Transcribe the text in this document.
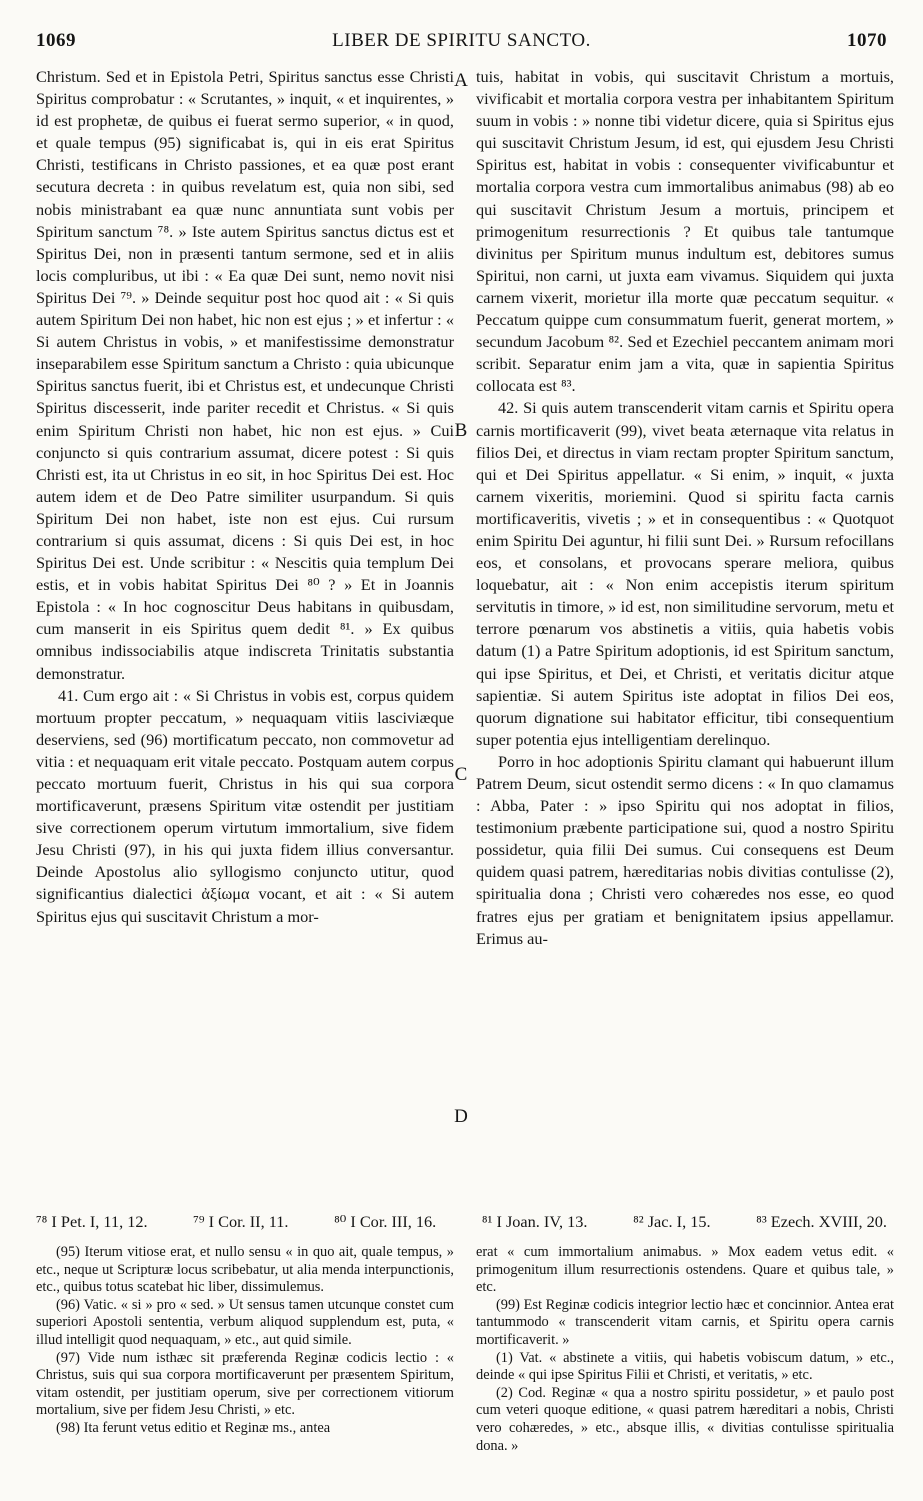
1069	LIBER DE SPIRITU SANCTO.	1070

Christum. Sed et in Epistola Petri, Spiritus sanctus esse Christi Spiritus comprobatur : « Scrutantes, » inquit, « et inquirentes, » id est prophetæ, de quibus ei fuerat sermo superior, « in quod, et quale tempus (95) significabat is, qui in eis erat Spiritus Christi, testificans in Christo passiones, et ea quæ post erant secutura decreta : in quibus revelatum est, quia non sibi, sed nobis ministrabant ea quæ nunc annuntiata sunt vobis per Spiritum sanctum ⁷⁸. » Iste autem Spiritus sanctus dictus est et Spiritus Dei, non in præsenti tantum sermone, sed et in aliis locis compluribus, ut ibi : « Ea quæ Dei sunt, nemo novit nisi Spiritus Dei ⁷⁹. » Deinde sequitur post hoc quod ait : « Si quis autem Spiritum Dei non habet, hic non est ejus ; » et infertur : « Si autem Christus in vobis, » et manifestissime demonstratur inseparabilem esse Spiritum sanctum a Christo : quia ubicunque Spiritus sanctus fuerit, ibi et Christus est, et undecunque Christi Spiritus discesserit, inde pariter recedit et Christus. « Si quis enim Spiritum Christi non habet, hic non est ejus. » Cui conjuncto si quis contrarium assumat, dicere potest : Si quis Christi est, ita ut Christus in eo sit, in hoc Spiritus Dei est. Hoc autem idem et de Deo Patre similiter usurpandum. Si quis Spiritum Dei non habet, iste non est ejus. Cui rursum contrarium si quis assumat, dicens : Si quis Dei est, in hoc Spiritus Dei est. Unde scribitur : « Nescitis quia templum Dei estis, et in vobis habitat Spiritus Dei ⁸⁰ ? » Et in Joannis Epistola : « In hoc cognoscitur Deus habitans in quibusdam, cum manserit in eis Spiritus quem dedit ⁸¹. » Ex quibus omnibus indissociabilis atque indiscreta Trinitatis substantia demonstratur.

41. Cum ergo ait : « Si Christus in vobis est, corpus quidem mortuum propter peccatum, » nequaquam vitiis lasciviæque deserviens, sed (96) mortificatum peccato, non commovetur ad vitia : et nequaquam erit vitale peccato. Postquam autem corpus peccato mortuum fuerit, Christus in his qui sua corpora mortificaverunt, præsens Spiritum vitæ ostendit per justitiam sive correctionem operum virtutum immortalium, sive fidem Jesu Christi (97), in his qui juxta fidem illius conversantur. Deinde Apostolus alio syllogismo conjuncto utitur, quod significantius dialectici ἀξίωμα vocant, et ait : « Si autem Spiritus ejus qui suscitavit Christum a mor-

tuis, habitat in vobis, qui suscitavit Christum a mortuis, vivificabit et mortalia corpora vestra per inhabitantem Spiritum suum in vobis : » nonne tibi videtur dicere, quia si Spiritus ejus qui suscitavit Christum Jesum, id est, qui ejusdem Jesu Christi Spiritus est, habitat in vobis : consequenter vivificabuntur et mortalia corpora vestra cum immortalibus animabus (98) ab eo qui suscitavit Christum Jesum a mortuis, principem et primogenitum resurrectionis ? Et quibus tale tantumque divinitus per Spiritum munus indultum est, debitores sumus Spiritui, non carni, ut juxta eam vivamus. Siquidem qui juxta carnem vixerit, morietur illa morte quæ peccatum sequitur. « Peccatum quippe cum consummatum fuerit, generat mortem, » secundum Jacobum ⁸². Sed et Ezechiel peccantem animam mori scribit. Separatur enim jam a vita, quæ in sapientia Spiritus collocata est ⁸³.

42. Si quis autem transcenderit vitam carnis et Spiritu opera carnis mortificaverit (99), vivet beata æternaque vita relatus in filios Dei, et directus in viam rectam propter Spiritum sanctum, qui et Dei Spiritus appellatur. « Si enim, » inquit, « juxta carnem vixeritis, moriemini. Quod si spiritu facta carnis mortificaveritis, vivetis ; » et in consequentibus : « Quotquot enim Spiritu Dei aguntur, hi filii sunt Dei. » Rursum refocillans eos, et consolans, et provocans sperare meliora, quibus loquebatur, ait : « Non enim accepistis iterum spiritum servitutis in timore, » id est, non similitudine servorum, metu et terrore pœnarum vos abstinetis a vitiis, quia habetis vobis datum (1) a Patre Spiritum adoptionis, id est Spiritum sanctum, qui ipse Spiritus, et Dei, et Christi, et veritatis dicitur atque sapientiæ. Si autem Spiritus iste adoptat in filios Dei eos, quorum dignatione sui habitator efficitur, tibi consequentium super potentia ejus intelligentiam derelinquo.

Porro in hoc adoptionis Spiritu clamant qui habuerunt illum Patrem Deum, sicut ostendit sermo dicens : « In quo clamamus : Abba, Pater : » ipso Spiritu qui nos adoptat in filios, testimonium præbente participatione sui, quod a nostro Spiritu possidetur, quia filii Dei sumus. Cui consequens est Deum quidem quasi patrem, hæreditarias nobis divitias contulisse (2), spiritualia dona ; Christi vero cohæredes nos esse, eo quod fratres ejus per gratiam et benignitatem ipsius appellamur. Erimus au-

A
B
C
D
⁷⁸ I Pet. I, 11, 12.	⁷⁹ I Cor. II, 11.	⁸⁰ I Cor. III, 16.	⁸¹ I Joan. IV, 13.	⁸² Jac. I, 15.	⁸³ Ezech. XVIII, 20.

(95) Iterum vitiose erat, et nullo sensu « in quo ait, quale tempus, » etc., neque ut Scripturæ locus scribebatur, ut alia menda interpunctionis, etc., quibus totus scatebat hic liber, dissimulemus.

(96) Vatic. « si » pro « sed. » Ut sensus tamen utcunque constet cum superiori Apostoli sententia, verbum aliquod supplendum est, puta, « illud intelligit quod nequaquam, » etc., aut quid simile.

(97) Vide num isthæc sit præferenda Reginæ codicis lectio : « Christus, suis qui sua corpora mortificaverunt per præsentem Spiritum, vitam ostendit, per justitiam operum, sive per correctionem vitiorum mortalium, sive per fidem Jesu Christi, » etc.

(98) Ita ferunt vetus editio et Reginæ ms., antea

erat « cum immortalium animabus. » Mox eadem vetus edit. « primogenitum illum resurrectionis ostendens. Quare et quibus tale, » etc.

(99) Est Reginæ codicis integrior lectio hæc et concinnior. Antea erat tantummodo « transcenderit vitam carnis, et Spiritu opera carnis mortificaverit. »

(1) Vat. « abstinete a vitiis, qui habetis vobiscum datum, » etc., deinde « qui ipse Spiritus Filii et Christi, et veritatis, » etc.

(2) Cod. Reginæ « qua a nostro spiritu possidetur, » et paulo post cum veteri quoque editione, « quasi patrem hæreditari a nobis, Christi vero cohæredes, » etc., absque illis, « divitias contulisse spiritualia dona. »
